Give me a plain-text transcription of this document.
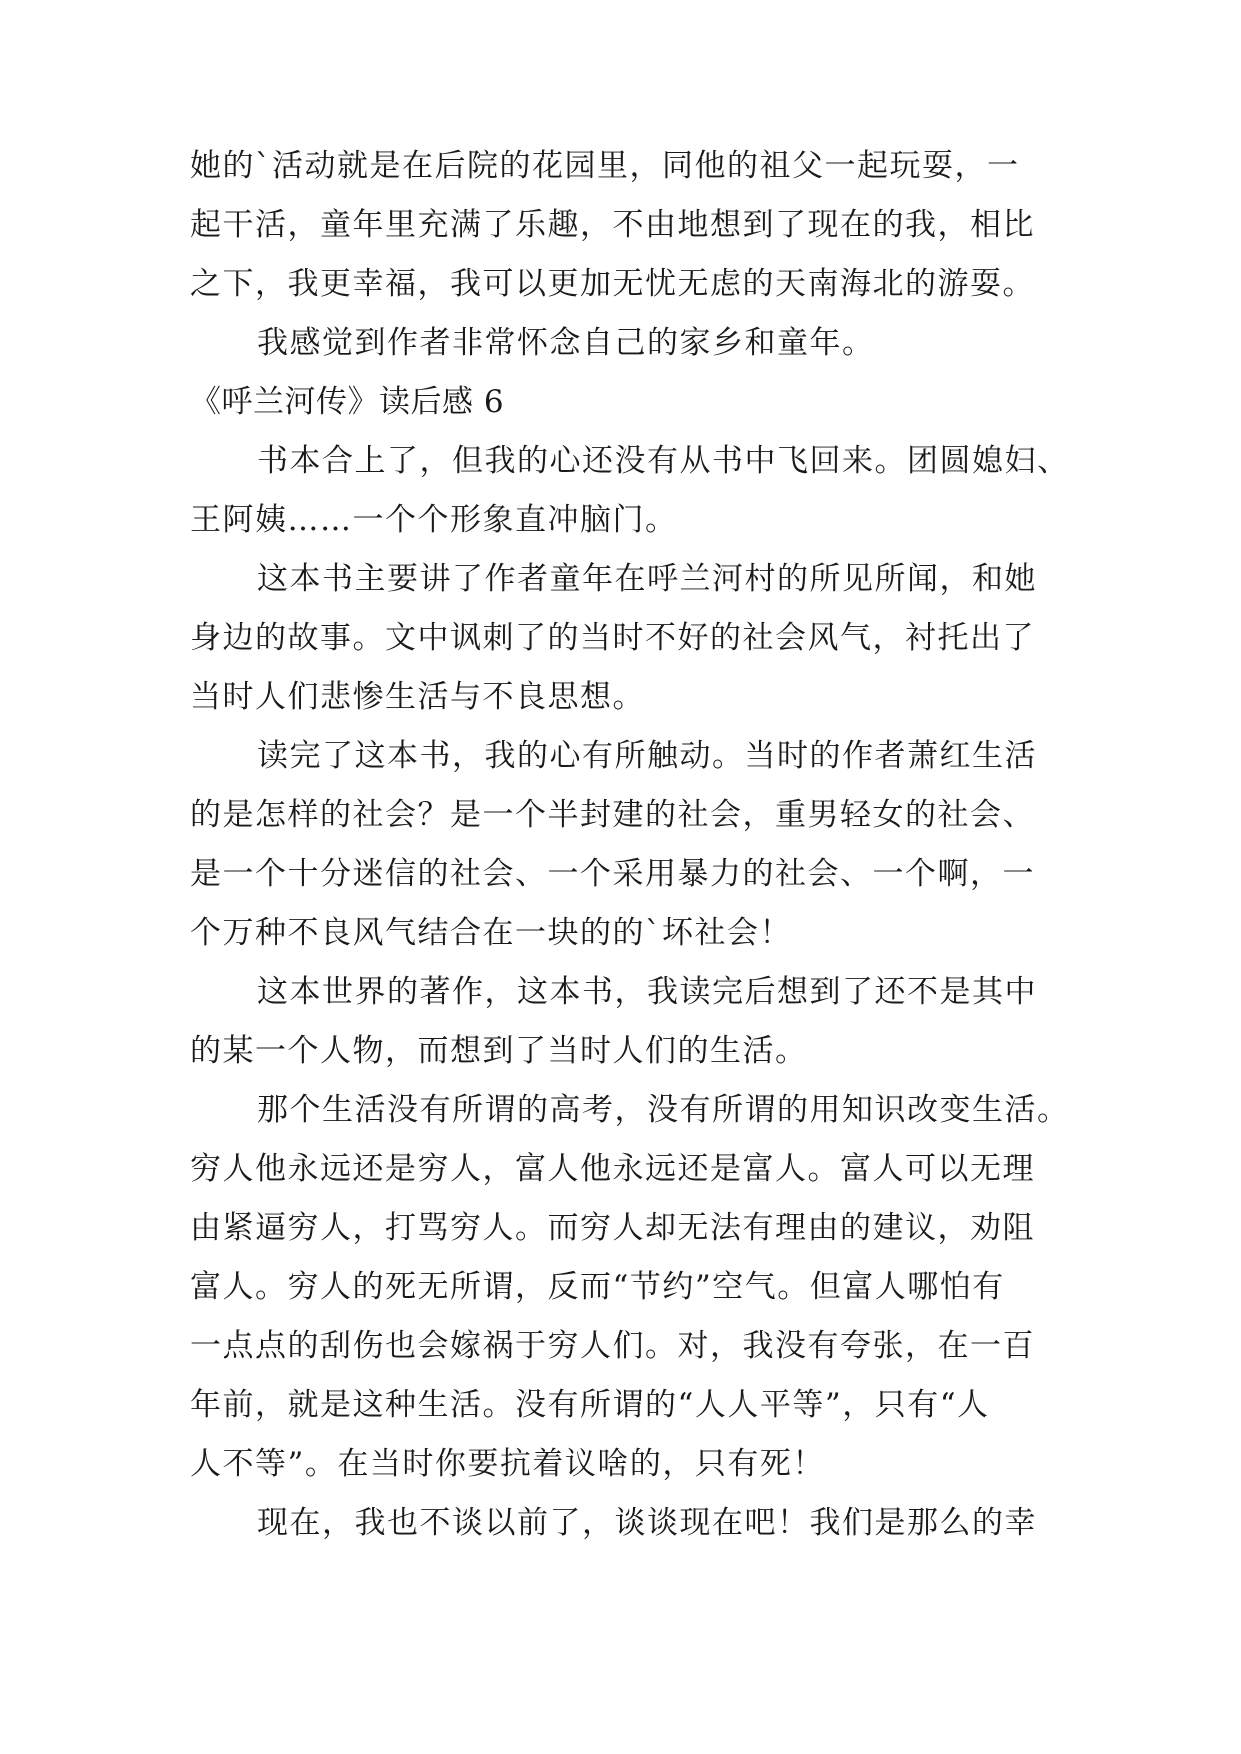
她的`活动就是在后院的花园里，同他的祖父一起玩耍，一
起干活，童年里充满了乐趣，不由地想到了现在的我，相比
之下，我更幸福，我可以更加无忧无虑的天南海北的游耍。
我感觉到作者非常怀念自己的家乡和童年。
《呼兰河传》读后感 6
书本合上了，但我的心还没有从书中飞回来。团圆媳妇、
王阿姨……一个个形象直冲脑门。
这本书主要讲了作者童年在呼兰河村的所见所闻，和她
身边的故事。文中讽刺了的当时不好的社会风气，衬托出了
当时人们悲惨生活与不良思想。
读完了这本书，我的心有所触动。当时的作者萧红生活
的是怎样的社会？是一个半封建的社会，重男轻女的社会、
是一个十分迷信的社会、一个采用暴力的社会、一个啊，一
个万种不良风气结合在一块的的`坏社会！
这本世界的著作，这本书，我读完后想到了还不是其中
的某一个人物，而想到了当时人们的生活。
那个生活没有所谓的高考，没有所谓的用知识改变生活。
穷人他永远还是穷人，富人他永远还是富人。富人可以无理
由紧逼穷人，打骂穷人。而穷人却无法有理由的建议，劝阻
富人。穷人的死无所谓，反而“节约”空气。但富人哪怕有
一点点的刮伤也会嫁祸于穷人们。对，我没有夸张，在一百
年前，就是这种生活。没有所谓的“人人平等”，只有“人
人不等”。在当时你要抗着议啥的，只有死！
现在，我也不谈以前了，谈谈现在吧！我们是那么的幸
